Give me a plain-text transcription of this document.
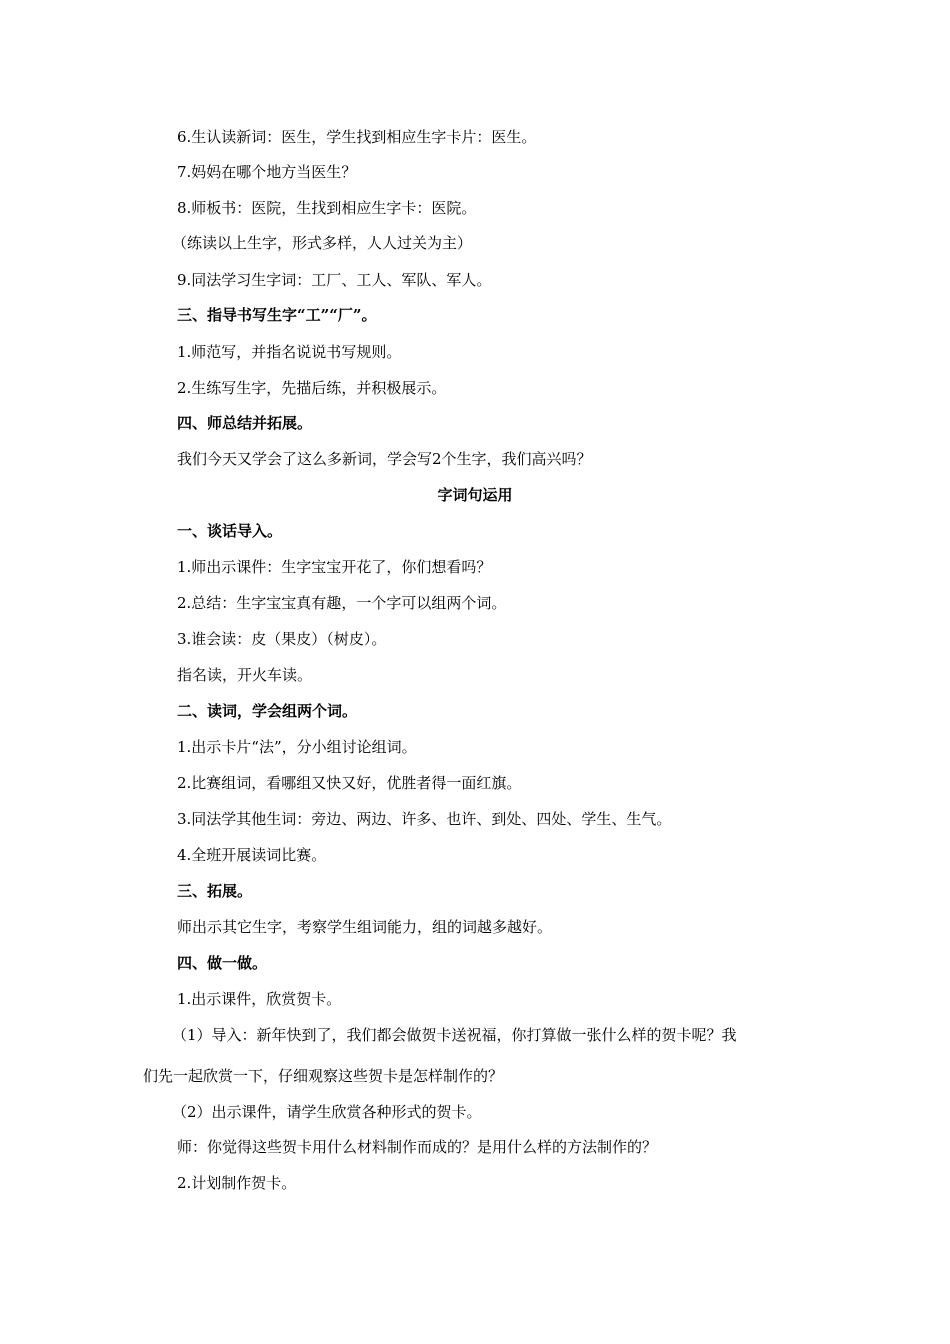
6.生认读新词：医生，学生找到相应生字卡片：医生。
7.妈妈在哪个地方当医生？
8.师板书：医院，生找到相应生字卡：医院。
（练读以上生字，形式多样，人人过关为主）
9.同法学习生字词：工厂、工人、军队、军人。
三、指导书写生字“工”“厂”。
1.师范写，并指名说说书写规则。
2.生练写生字，先描后练，并积极展示。
四、师总结并拓展。
我们今天又学会了这么多新词，学会写2个生字，我们高兴吗？
字词句运用
一、谈话导入。
1.师出示课件：生字宝宝开花了，你们想看吗？
2.总结：生字宝宝真有趣，一个字可以组两个词。
3.谁会读：皮（果皮）（树皮）。
指名读，开火车读。
二、读词，学会组两个词。
1.出示卡片“法”，分小组讨论组词。
2.比赛组词，看哪组又快又好，优胜者得一面红旗。
3.同法学其他生词：旁边、两边、许多、也许、到处、四处、学生、生气。
4.全班开展读词比赛。
三、拓展。
师出示其它生字，考察学生组词能力，组的词越多越好。
四、做一做。
1.出示课件，欣赏贺卡。
（1）导入：新年快到了，我们都会做贺卡送祝福，你打算做一张什么样的贺卡呢？我
们先一起欣赏一下，仔细观察这些贺卡是怎样制作的？
（2）出示课件，请学生欣赏各种形式的贺卡。
师：你觉得这些贺卡用什么材料制作而成的？是用什么样的方法制作的？
2.计划制作贺卡。
